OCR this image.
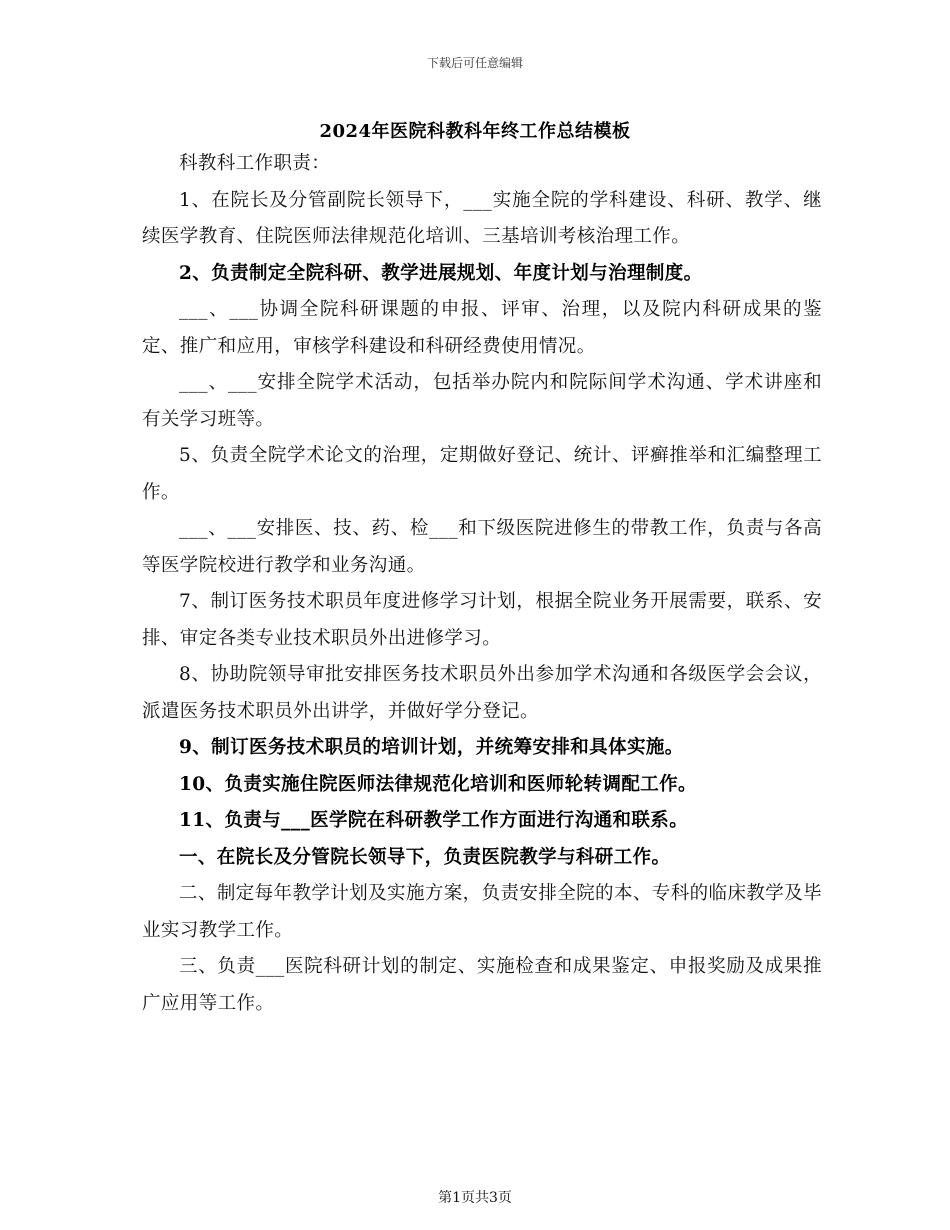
下载后可任意编辑
2024年医院科教科年终工作总结模板

科教科工作职责：

1、在院长及分管副院长领导下，___实施全院的学科建设、科研、教学、继续医学教育、住院医师法律规范化培训、三基培训考核治理工作。

2、负责制定全院科研、教学进展规划、年度计划与治理制度。

___、___协调全院科研课题的申报、评审、治理，以及院内科研成果的鉴定、推广和应用，审核学科建设和科研经费使用情况。

___、___安排全院学术活动，包括举办院内和院际间学术沟通、学术讲座和有关学习班等。

5、负责全院学术论文的治理，定期做好登记、统计、评癣推举和汇编整理工作。

___、___安排医、技、药、检___和下级医院进修生的带教工作，负责与各高等医学院校进行教学和业务沟通。

7、制订医务技术职员年度进修学习计划，根据全院业务开展需要，联系、安排、审定各类专业技术职员外出进修学习。

8、协助院领导审批安排医务技术职员外出参加学术沟通和各级医学会会议，派遣医务技术职员外出讲学，并做好学分登记。

9、制订医务技术职员的培训计划，并统筹安排和具体实施。

10、负责实施住院医师法律规范化培训和医师轮转调配工作。

11、负责与___医学院在科研教学工作方面进行沟通和联系。

一、在院长及分管院长领导下，负责医院教学与科研工作。

二、制定每年教学计划及实施方案，负责安排全院的本、专科的临床教学及毕业实习教学工作。

三、负责___医院科研计划的制定、实施检查和成果鉴定、申报奖励及成果推广应用等工作。

第1页共3页
